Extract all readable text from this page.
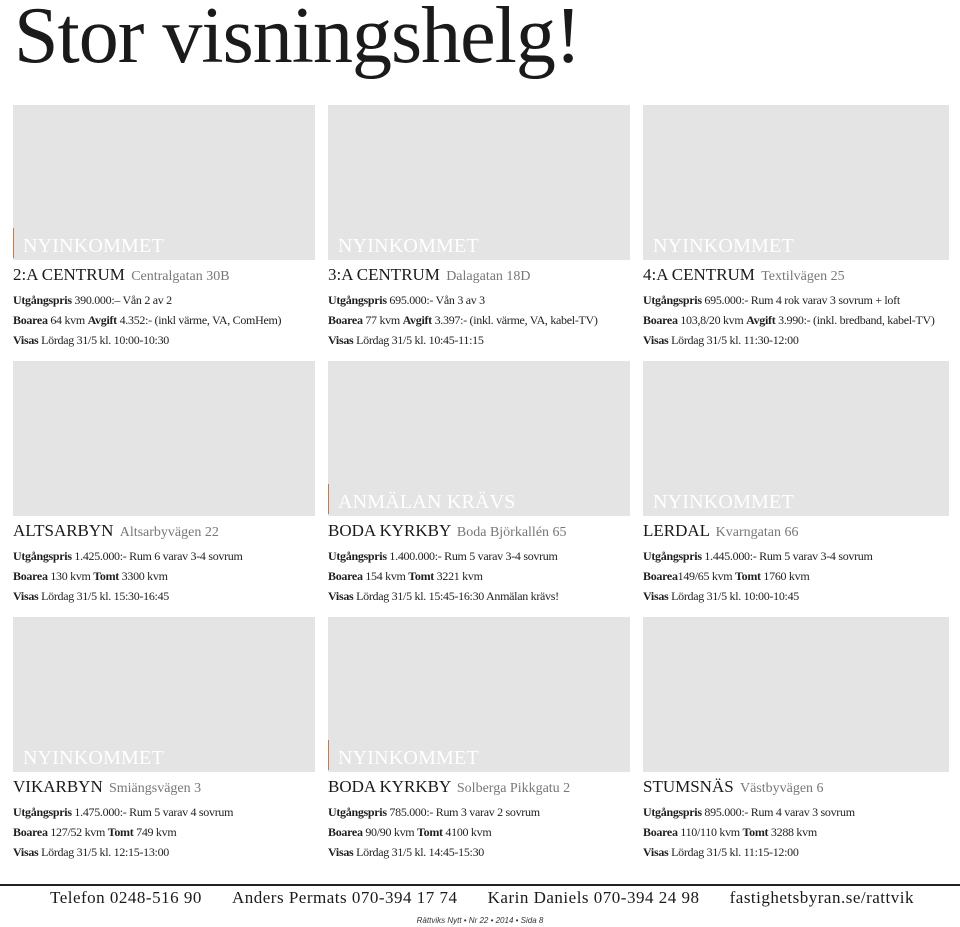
Stor visningshelg!
NYINKOMMET
2:A CENTRUM Centralgatan 30B
Utgångspris 390.000:– Vån 2 av 2
Boarea 64 kvm Avgift 4.352:- (inkl värme, VA, ComHem)
Visas Lördag 31/5 kl. 10:00-10:30
NYINKOMMET
3:A CENTRUM Dalagatan 18D
Utgångspris 695.000:- Vån 3 av 3
Boarea 77 kvm Avgift 3.397:- (inkl. värme, VA, kabel-TV)
Visas Lördag 31/5 kl. 10:45-11:15
NYINKOMMET
4:A CENTRUM Textilvägen 25
Utgångspris 695.000:- Rum 4 rok varav 3 sovrum + loft
Boarea 103,8/20 kvm Avgift 3.990:- (inkl. bredband, kabel-TV)
Visas Lördag 31/5 kl. 11:30-12:00
ALTSARBYN Altsarbyvägen 22
Utgångspris 1.425.000:- Rum 6 varav 3-4 sovrum
Boarea 130 kvm Tomt 3300 kvm
Visas Lördag 31/5 kl. 15:30-16:45
ANMÄLAN KRÄVS
BODA KYRKBY Boda Björkallén 65
Utgångspris 1.400.000:- Rum 5 varav 3-4 sovrum
Boarea 154 kvm Tomt 3221 kvm
Visas Lördag 31/5 kl. 15:45-16:30 Anmälan krävs!
NYINKOMMET
LERDAL Kvarngatan 66
Utgångspris 1.445.000:- Rum 5 varav 3-4 sovrum
Boarea149/65 kvm Tomt 1760 kvm
Visas Lördag 31/5 kl. 10:00-10:45
NYINKOMMET
VIKARBYN Smiängsvägen 3
Utgångspris 1.475.000:- Rum 5 varav 4 sovrum
Boarea 127/52 kvm Tomt 749 kvm
Visas Lördag 31/5 kl. 12:15-13:00
NYINKOMMET
BODA KYRKBY Solberga Pikkgatu 2
Utgångspris 785.000:- Rum 3 varav 2 sovrum
Boarea 90/90 kvm Tomt 4100 kvm
Visas Lördag 31/5 kl. 14:45-15:30
STUMSNÄS Västbyvägen 6
Utgångspris 895.000:- Rum 4 varav 3 sovrum
Boarea 110/110 kvm Tomt 3288 kvm
Visas Lördag 31/5 kl. 11:15-12:00
Telefon 0248-516 90 Anders Permats 070-394 17 74 Karin Daniels 070-394 24 98 fastighetsbyran.se/rattvik
Rättviks Nytt • Nr 22 • 2014 • Sida 8
